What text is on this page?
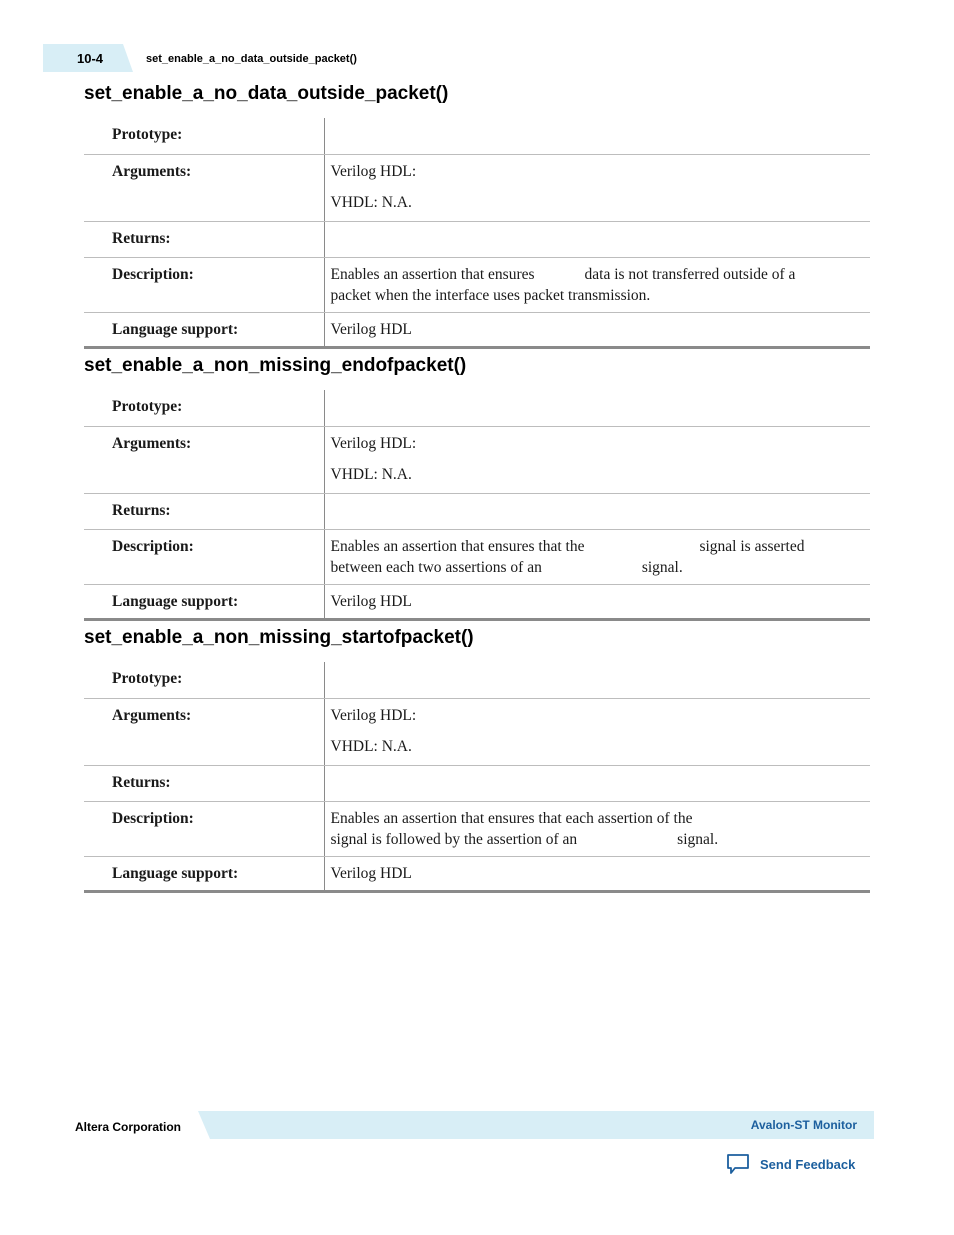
10-4	set_enable_a_no_data_outside_packet()
set_enable_a_no_data_outside_packet()
Prototype:	
Arguments:	Verilog HDL:
VHDL: N.A.

Returns:	
Description:	Enables an assertion that ensures data is not transferred outside of a
packet when the interface uses packet transmission.
Language support:	Verilog HDL
set_enable_a_non_missing_endofpacket()
Prototype:	
Arguments:	Verilog HDL:
VHDL: N.A.

Returns:	
Description:	Enables an assertion that ensures that the signal is asserted
between each two assertions of an signal.
Language support:	Verilog HDL
set_enable_a_non_missing_startofpacket()
Prototype:	
Arguments:	Verilog HDL:
VHDL: N.A.

Returns:	
Description:	Enables an assertion that ensures that each assertion of the
signal is followed by the assertion of an signal.
Language support:	Verilog HDL
Altera Corporation	Avalon-ST Monitor
Send Feedback
